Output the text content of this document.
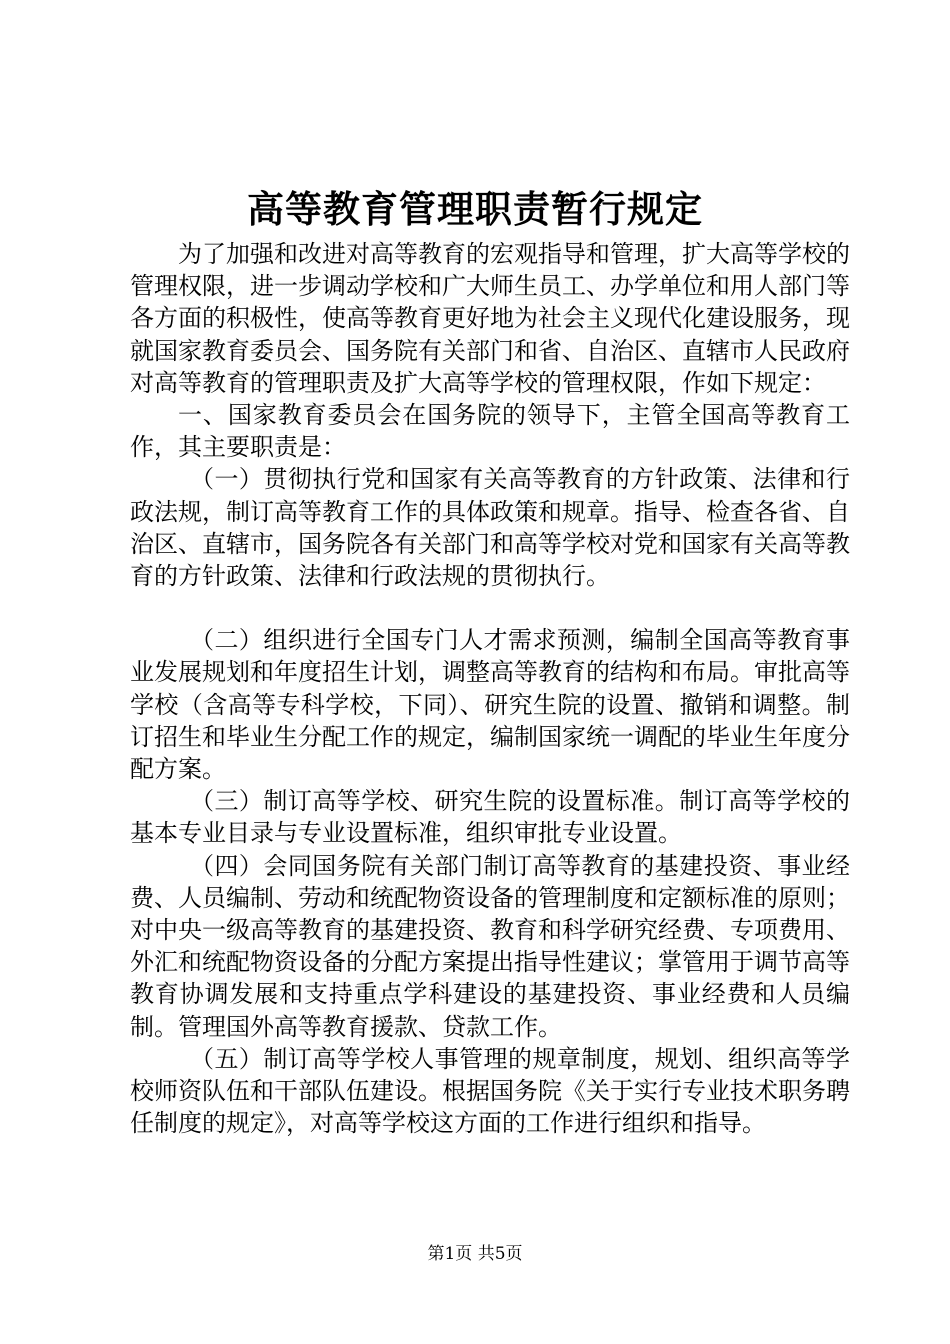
高等教育管理职责暂行规定

为了加强和改进对高等教育的宏观指导和管理，扩大高等学校的管理权限，进一步调动学校和广大师生员工、办学单位和用人部门等各方面的积极性，使高等教育更好地为社会主义现代化建设服务，现就国家教育委员会、国务院有关部门和省、自治区、直辖市人民政府对高等教育的管理职责及扩大高等学校的管理权限，作如下规定：

一、国家教育委员会在国务院的领导下，主管全国高等教育工作，其主要职责是：

（一）贯彻执行党和国家有关高等教育的方针政策、法律和行政法规，制订高等教育工作的具体政策和规章。指导、检查各省、自治区、直辖市，国务院各有关部门和高等学校对党和国家有关高等教育的方针政策、法律和行政法规的贯彻执行。

（二）组织进行全国专门人才需求预测，编制全国高等教育事业发展规划和年度招生计划，调整高等教育的结构和布局。审批高等学校（含高等专科学校，下同）、研究生院的设置、撤销和调整。制订招生和毕业生分配工作的规定，编制国家统一调配的毕业生年度分配方案。

（三）制订高等学校、研究生院的设置标准。制订高等学校的基本专业目录与专业设置标准，组织审批专业设置。

（四）会同国务院有关部门制订高等教育的基建投资、事业经费、人员编制、劳动和统配物资设备的管理制度和定额标准的原则；对中央一级高等教育的基建投资、教育和科学研究经费、专项费用、外汇和统配物资设备的分配方案提出指导性建议；掌管用于调节高等教育协调发展和支持重点学科建设的基建投资、事业经费和人员编制。管理国外高等教育援款、贷款工作。

（五）制订高等学校人事管理的规章制度，规划、组织高等学校师资队伍和干部队伍建设。根据国务院《关于实行专业技术职务聘任制度的规定》，对高等学校这方面的工作进行组织和指导。

第1页 共5页
